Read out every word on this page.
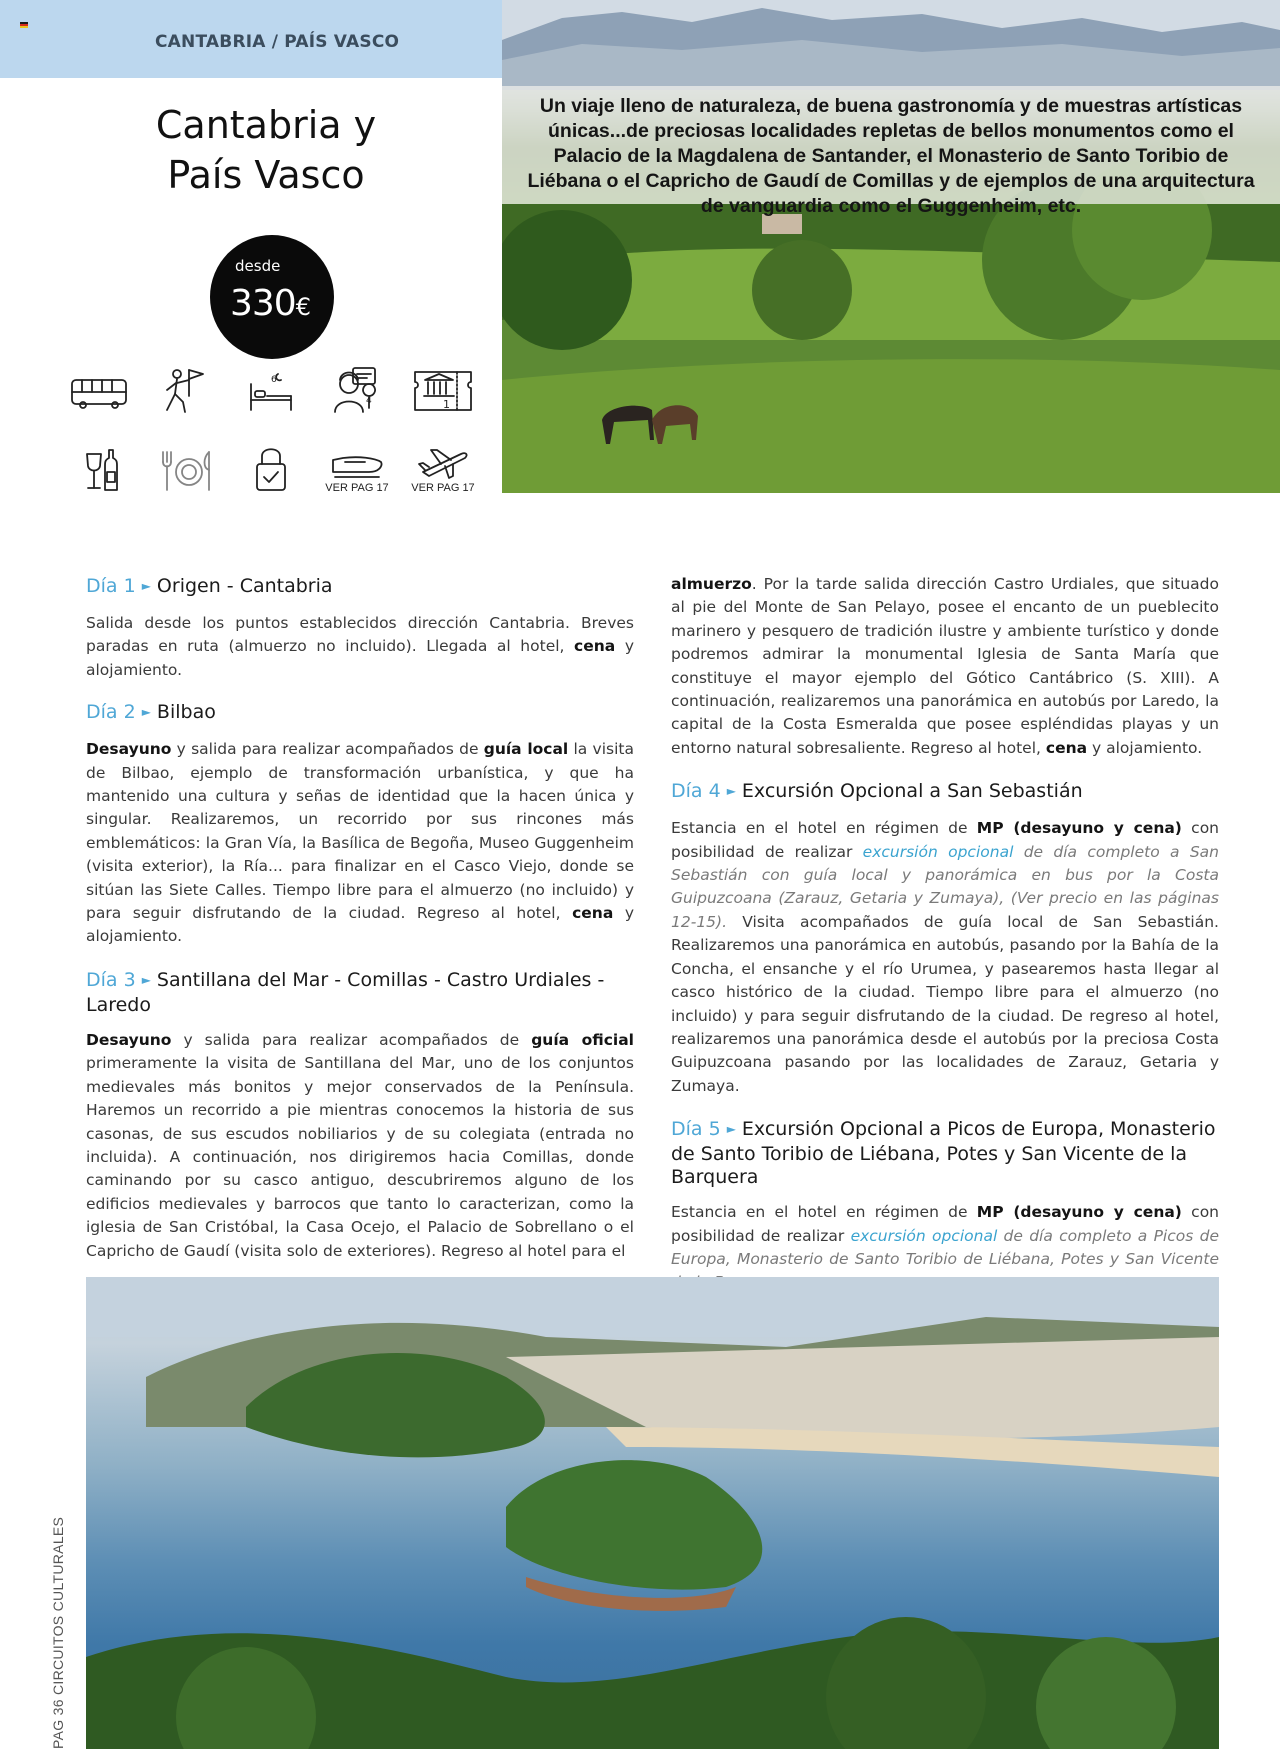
CANTABRIA / PAÍS VASCO
Cantabria y
País Vasco
desde
330€
6
4	1
VER PAG 17	VER PAG 17
Un viaje lleno de naturaleza, de buena gastronomía y de muestras artísticas únicas...de preciosas localidades repletas de bellos monumentos como el Palacio de la Magdalena de Santander, el Monasterio de Santo Toribio de Liébana o el Capricho de Gaudí de Comillas y de ejemplos de una arquitectura de vanguardia como el Guggenheim, etc.
Día 1 ► Origen - Cantabria

Salida desde los puntos establecidos dirección Cantabria. Breves paradas en ruta (almuerzo no incluido). Llegada al hotel, cena y alojamiento.

Día 2 ► Bilbao

Desayuno y salida para realizar acompañados de guía local la visita de Bilbao, ejemplo de transformación urbanística, y que ha mantenido una cultura y señas de identidad que la hacen única y singular. Realizaremos, un recorrido por sus rincones más emblemáticos: la Gran Vía, la Basílica de Begoña, Museo Guggenheim (visita exterior), la Ría... para finalizar en el Casco Viejo, donde se sitúan las Siete Calles. Tiempo libre para el almuerzo (no incluido) y para seguir disfrutando de la ciudad. Regreso al hotel, cena y alojamiento.

Día 3 ► Santillana del Mar - Comillas - Castro Urdiales -Laredo

Desayuno y salida para realizar acompañados de guía oficial primeramente la visita de Santillana del Mar, uno de los conjuntos medievales más bonitos y mejor conservados de la Península. Haremos un recorrido a pie mientras conocemos la historia de sus casonas, de sus escudos nobiliarios y de su colegiata (entrada no incluida). A continuación, nos dirigiremos hacia Comillas, donde caminando por su casco antiguo, descubriremos alguno de los edificios medievales y barrocos que tanto lo caracterizan, como la iglesia de San Cristóbal, la Casa Ocejo, el Palacio de Sobrellano o el Capricho de Gaudí (visita solo de exteriores). Regreso al hotel para el

almuerzo. Por la tarde salida dirección Castro Urdiales, que situado al pie del Monte de San Pelayo, posee el encanto de un pueblecito marinero y pesquero de tradición ilustre y ambiente turístico y donde podremos admirar la monumental Iglesia de Santa María que constituye el mayor ejemplo del Gótico Cantábrico (S. XIII). A continuación, realizaremos una panorámica en autobús por Laredo, la capital de la Costa Esmeralda que posee espléndidas playas y un entorno natural sobresaliente. Regreso al hotel, cena y alojamiento.

Día 4 ► Excursión Opcional a San Sebastián

Estancia en el hotel en régimen de MP (desayuno y cena) con posibilidad de realizar excursión opcional de día completo a San Sebastián con guía local y panorámica en bus por la Costa Guipuzcoana (Zarauz, Getaria y Zumaya), (Ver precio en las páginas 12-15). Visita acompañados de guía local de San Sebastián. Realizaremos una panorámica en autobús, pasando por la Bahía de la Concha, el ensanche y el río Urumea, y pasearemos hasta llegar al casco histórico de la ciudad. Tiempo libre para el almuerzo (no incluido) y para seguir disfrutando de la ciudad. De regreso al hotel, realizaremos una panorámica desde el autobús por la preciosa Costa Guipuzcoana pasando por las localidades de Zarauz, Getaria y Zumaya.

Día 5 ► Excursión Opcional a Picos de Europa, Monasterio de Santo Toribio de Liébana, Potes y San Vicente de la Barquera

Estancia en el hotel en régimen de MP (desayuno y cena) con posibilidad de realizar excursión opcional de día completo a Picos de Europa, Monasterio de Santo Toribio de Liébana, Potes y San Vicente

PAG 36 CIRCUITOS CULTURALES
